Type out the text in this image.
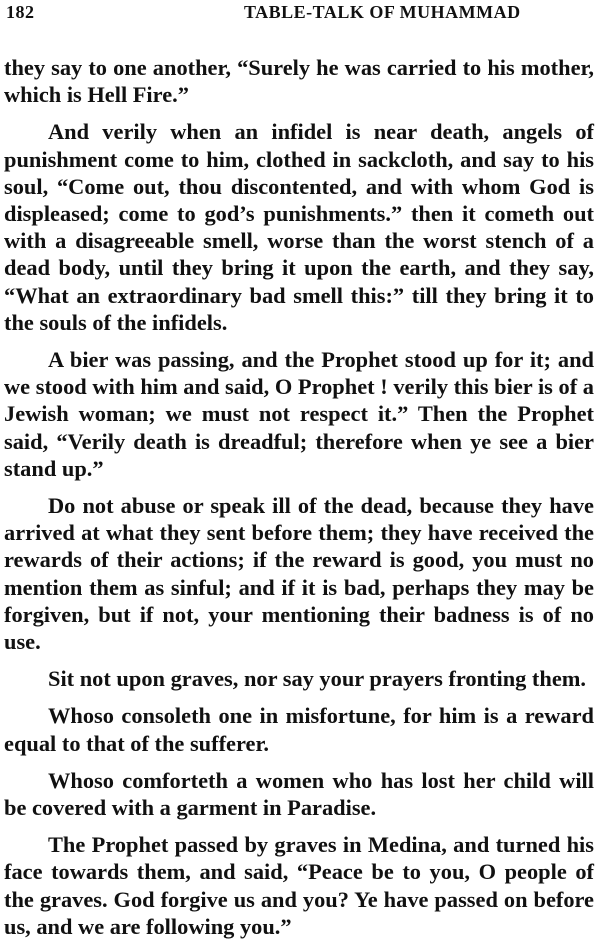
182	TABLE-TALK OF MUHAMMAD

they say to one another, “Surely he was carried to his mother, which is Hell Fire.”

And verily when an infidel is near death, angels of punishment come to him, clothed in sackcloth, and say to his soul, “Come out, thou discontented, and with whom God is displeased; come to god’s punishments.” then it cometh out with a disagreeable smell, worse than the worst stench of a dead body, until they bring it upon the earth, and they say, “What an extraordinary bad smell this:” till they bring it to the souls of the infidels.

A bier was passing, and the Prophet stood up for it; and we stood with him and said, O Prophet ! verily this bier is of a Jewish woman; we must not respect it.” Then the Prophet said, “Verily death is dreadful; therefore when ye see a bier stand up.”

Do not abuse or speak ill of the dead, because they have arrived at what they sent before them; they have received the rewards of their actions; if the reward is good, you must no mention them as sinful; and if it is bad, perhaps they may be forgiven, but if not, your mentioning their badness is of no use.

Sit not upon graves, nor say your prayers fronting them.

Whoso consoleth one in misfortune, for him is a reward equal to that of the sufferer.

Whoso comforteth a women who has lost her child will be covered with a garment in Paradise.

The Prophet passed by graves in Medina, and turned his face towards them, and said, “Peace be to you, O people of the graves. God forgive us and you? Ye have passed on before us, and we are following you.”
